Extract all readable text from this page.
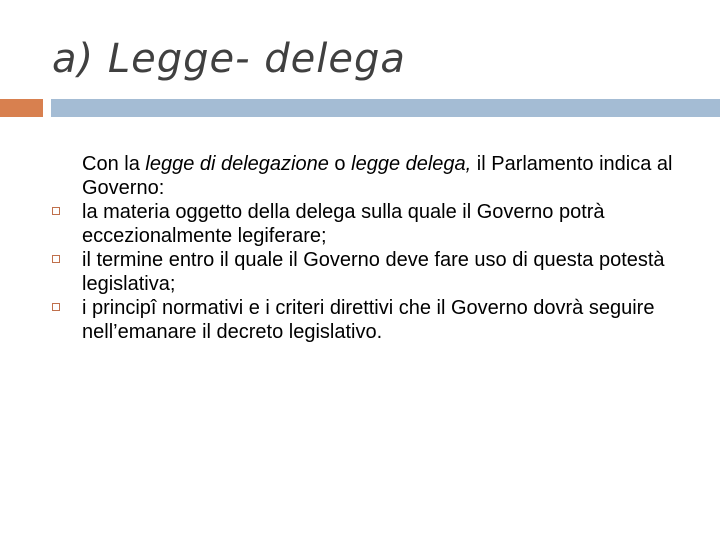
a) Legge- delega

Con la legge di delegazione o legge delega, il Parlamento indica al Governo:

la materia oggetto della delega sulla quale il Governo potrà eccezionalmente legiferare;
il termine entro il quale il Governo deve fare uso di questa potestà legislativa;
i principî normativi e i criteri direttivi che il Governo dovrà seguire nell’emanare il decreto legislativo.
